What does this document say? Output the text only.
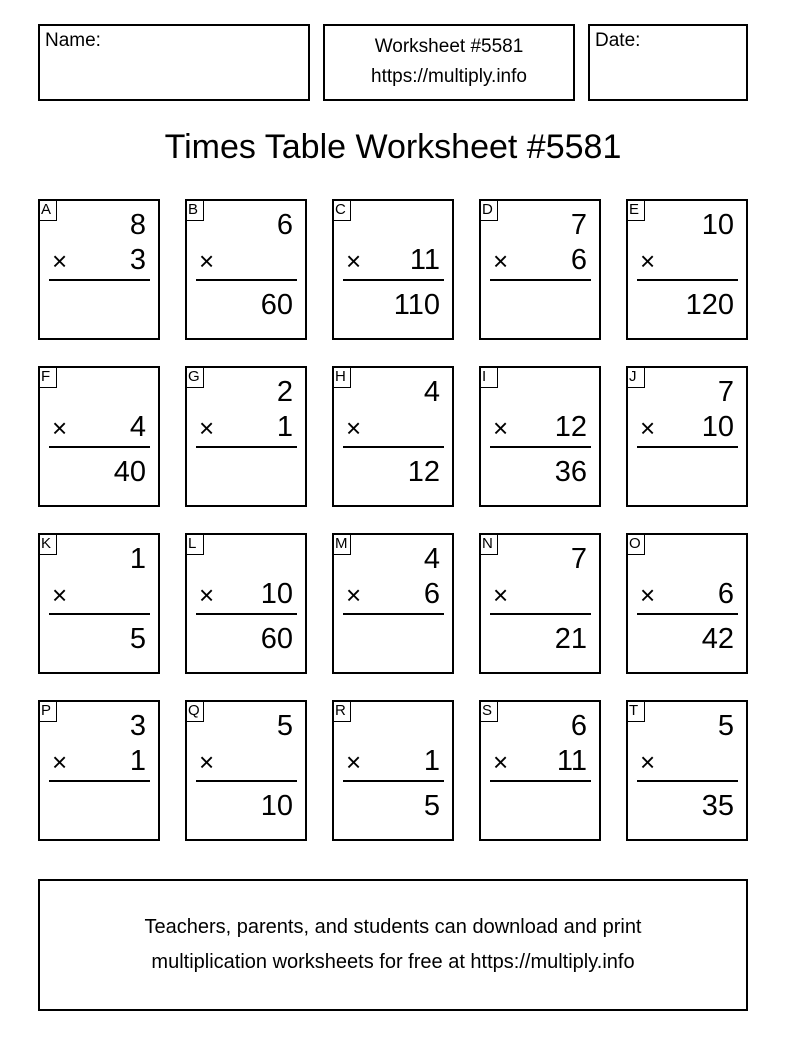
Name:	Worksheet #5581
https://multiply.info
Date:
Times Table Worksheet #5581
A	8
× 3
B	6
×
60
C
× 11
110
D	7
× 6
E 10
×
120
F
× 4
40
G	2
× 1
H	4
×
12
I
× 12
36
J	7
× 10
K	1
×
5
L
× 10
60
M	4
× 6
N	7
×
21
O
× 6
42
P	3
× 1
Q	5
×
10
R
× 1
5
S	6
× 11
T	5
×
35
Teachers, parents, and students can download and print
multiplication worksheets for free at https://multiply.info
